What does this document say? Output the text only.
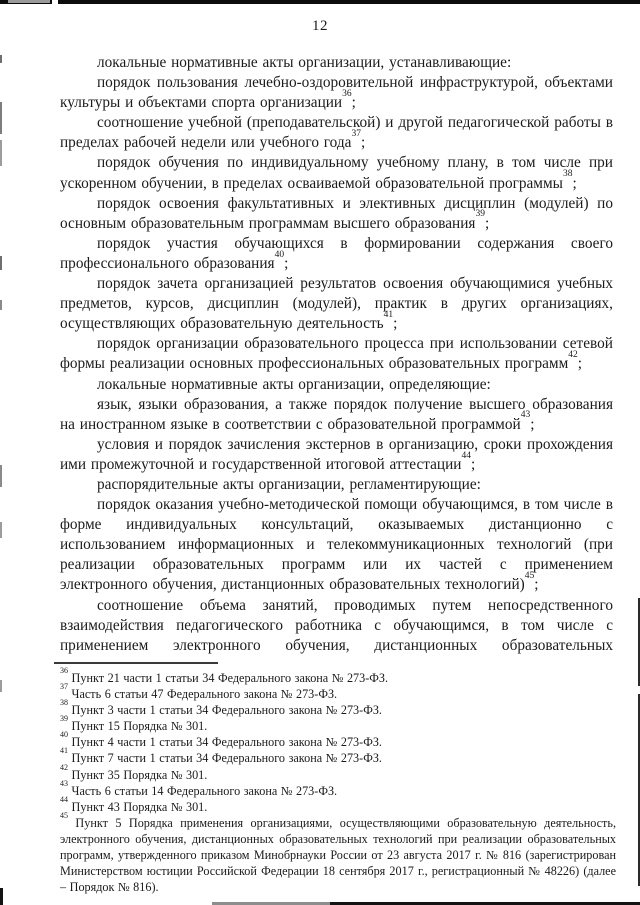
12

локальные нормативные акты организации, устанавливающие:

порядок пользования лечебно-оздоровительной инфраструктурой, объектами культуры и объектами спорта организации$^{36}$;

соотношение учебной (преподавательской) и другой педагогической работы в пределах рабочей недели или учебного года$^{37}$;

порядок обучения по индивидуальному учебному плану, в том числе при ускоренном обучении, в пределах осваиваемой образовательной программы$^{38}$;

порядок освоения факультативных и элективных дисциплин (модулей) по основным образовательным программам высшего образования$^{39}$;

порядок участия обучающихся в формировании содержания своего профессионального образования$^{40}$;

порядок зачета организацией результатов освоения обучающимися учебных предметов, курсов, дисциплин (модулей), практик в других организациях, осуществляющих образовательную деятельность$^{41}$;

порядок организации образовательного процесса при использовании сетевой формы реализации основных профессиональных образовательных программ$^{42}$;

локальные нормативные акты организации, определяющие:

язык, языки образования, а также порядок получение высшего образования на иностранном языке в соответствии с образовательной программой$^{43}$;

условия и порядок зачисления экстернов в организацию, сроки прохождения ими промежуточной и государственной итоговой аттестации$^{44}$;

распорядительные акты организации, регламентирующие:

порядок оказания учебно-методической помощи обучающимся, в том числе в форме индивидуальных консультаций, оказываемых дистанционно с использованием информационных и телекоммуникационных технологий (при реализации образовательных программ или их частей с применением электронного обучения, дистанционных образовательных технологий)$^{45}$;

соотношение объема занятий, проводимых путем непосредственного взаимодействия педагогического работника с обучающимся, в том числе с применением электронного обучения, дистанционных образовательных

$^{36}$ Пункт 21 части 1 статьи 34 Федерального закона № 273-ФЗ.
$^{37}$ Часть 6 статьи 47 Федерального закона № 273-ФЗ.
$^{38}$ Пункт 3 части 1 статьи 34 Федерального закона № 273-ФЗ.
$^{39}$ Пункт 15 Порядка № 301.
$^{40}$ Пункт 4 части 1 статьи 34 Федерального закона № 273-ФЗ.
$^{41}$ Пункт 7 части 1 статьи 34 Федерального закона № 273-ФЗ.
$^{42}$ Пункт 35 Порядка № 301.
$^{43}$ Часть 6 статьи 14 Федерального закона № 273-ФЗ.
$^{44}$ Пункт 43 Порядка № 301.
$^{45}$ Пункт 5 Порядка применения организациями, осуществляющими образовательную деятельность, электронного обучения, дистанционных образовательных технологий при реализации образовательных программ, утвержденного приказом Минобрнауки России от 23 августа 2017 г. № 816 (зарегистрирован Министерством юстиции Российской Федерации 18 сентября 2017 г., регистрационный № 48226) (далее – Порядок № 816).
